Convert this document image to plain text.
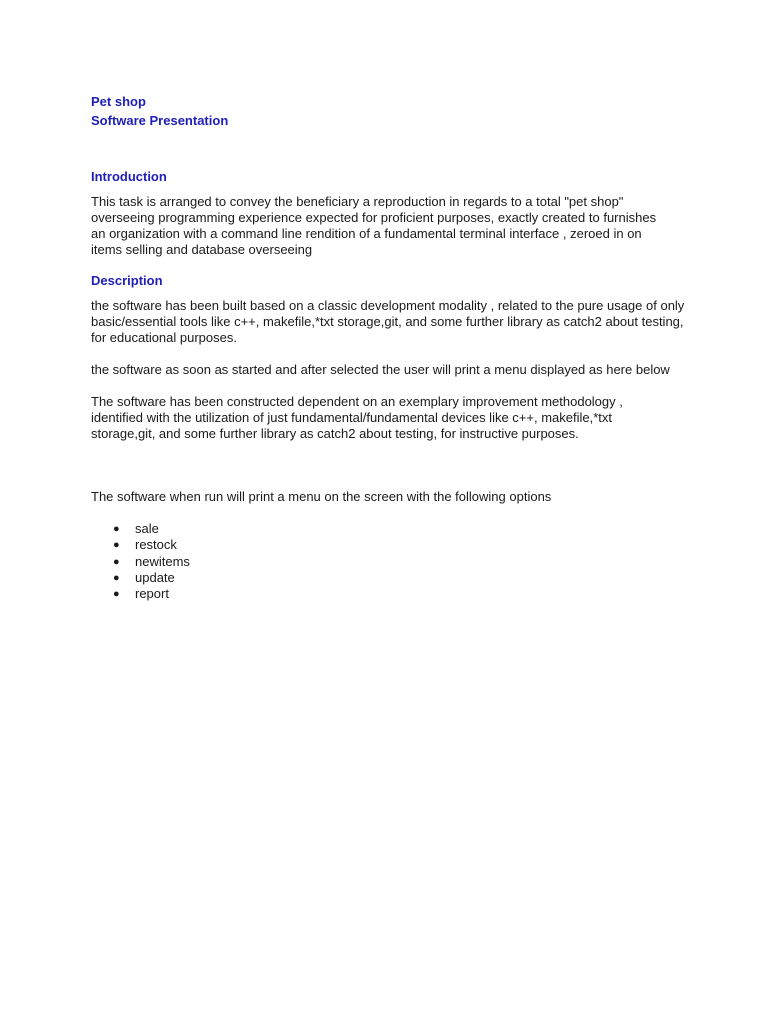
Pet shop

Software Presentation

Introduction

This task is arranged to convey the beneficiary a reproduction in regards to a total "pet shop" overseeing programming experience expected for proficient purposes, exactly created to furnishes an organization with a command line rendition of a fundamental terminal interface , zeroed in on items selling and database overseeing

Description

the software has been built based on a classic development modality , related to the pure usage of only basic/essential tools like c++, makefile,*txt storage,git, and some further library as catch2 about testing, for educational purposes.

the software as soon as started and after selected the user will print a menu displayed as here below

The software has been constructed dependent on an exemplary improvement methodology , identified with the utilization of just fundamental/fundamental devices like c++, makefile,*txt storage,git, and some further library as catch2 about testing, for instructive purposes.

The software when run will print a menu on the screen with the following options

● sale
● restock
● newitems
● update
● report
